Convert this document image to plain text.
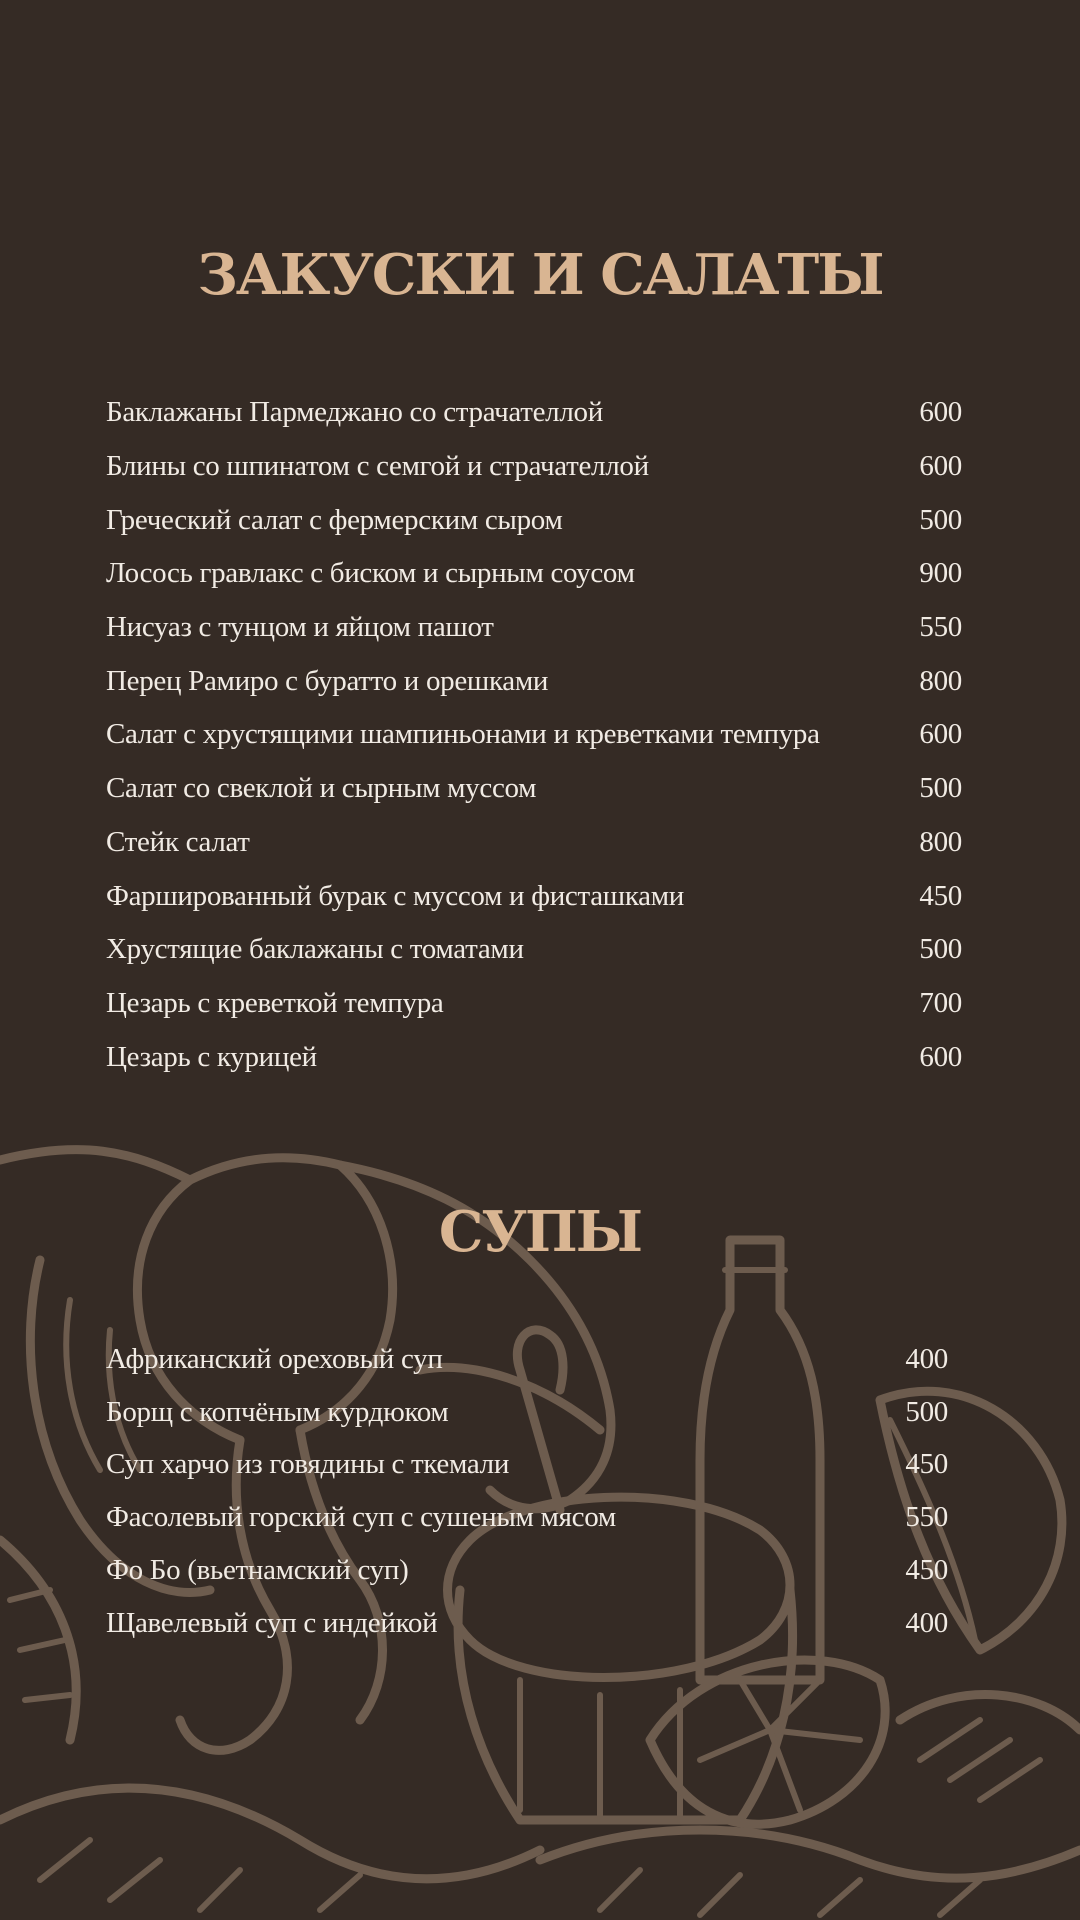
ЗАКУСКИ И САЛАТЫ
Баклажаны Пармеджано со страчателлой	600
Блины со шпинатом с семгой и страчателлой	600
Греческий салат с фермерским сыром	500
Лосось гравлакс с биском и сырным соусом	900
Нисуаз с тунцом и яйцом пашот	550
Перец Рамиро с буратто и орешками	800
Салат с хрустящими шампиньонами и креветками темпура	600
Салат со свеклой и сырным муссом	500
Стейк салат	800
Фаршированный бурак с муссом и фисташками	450
Хрустящие баклажаны с томатами	500
Цезарь с креветкой темпура	700
Цезарь с курицей	600
СУПЫ
Африканский ореховый суп	400
Борщ с копчёным курдюком	500
Суп харчо из говядины с ткемали	450
Фасолевый горский суп с сушеным мясом	550
Фо Бо (вьетнамский суп)	450
Щавелевый суп с индейкой	400
